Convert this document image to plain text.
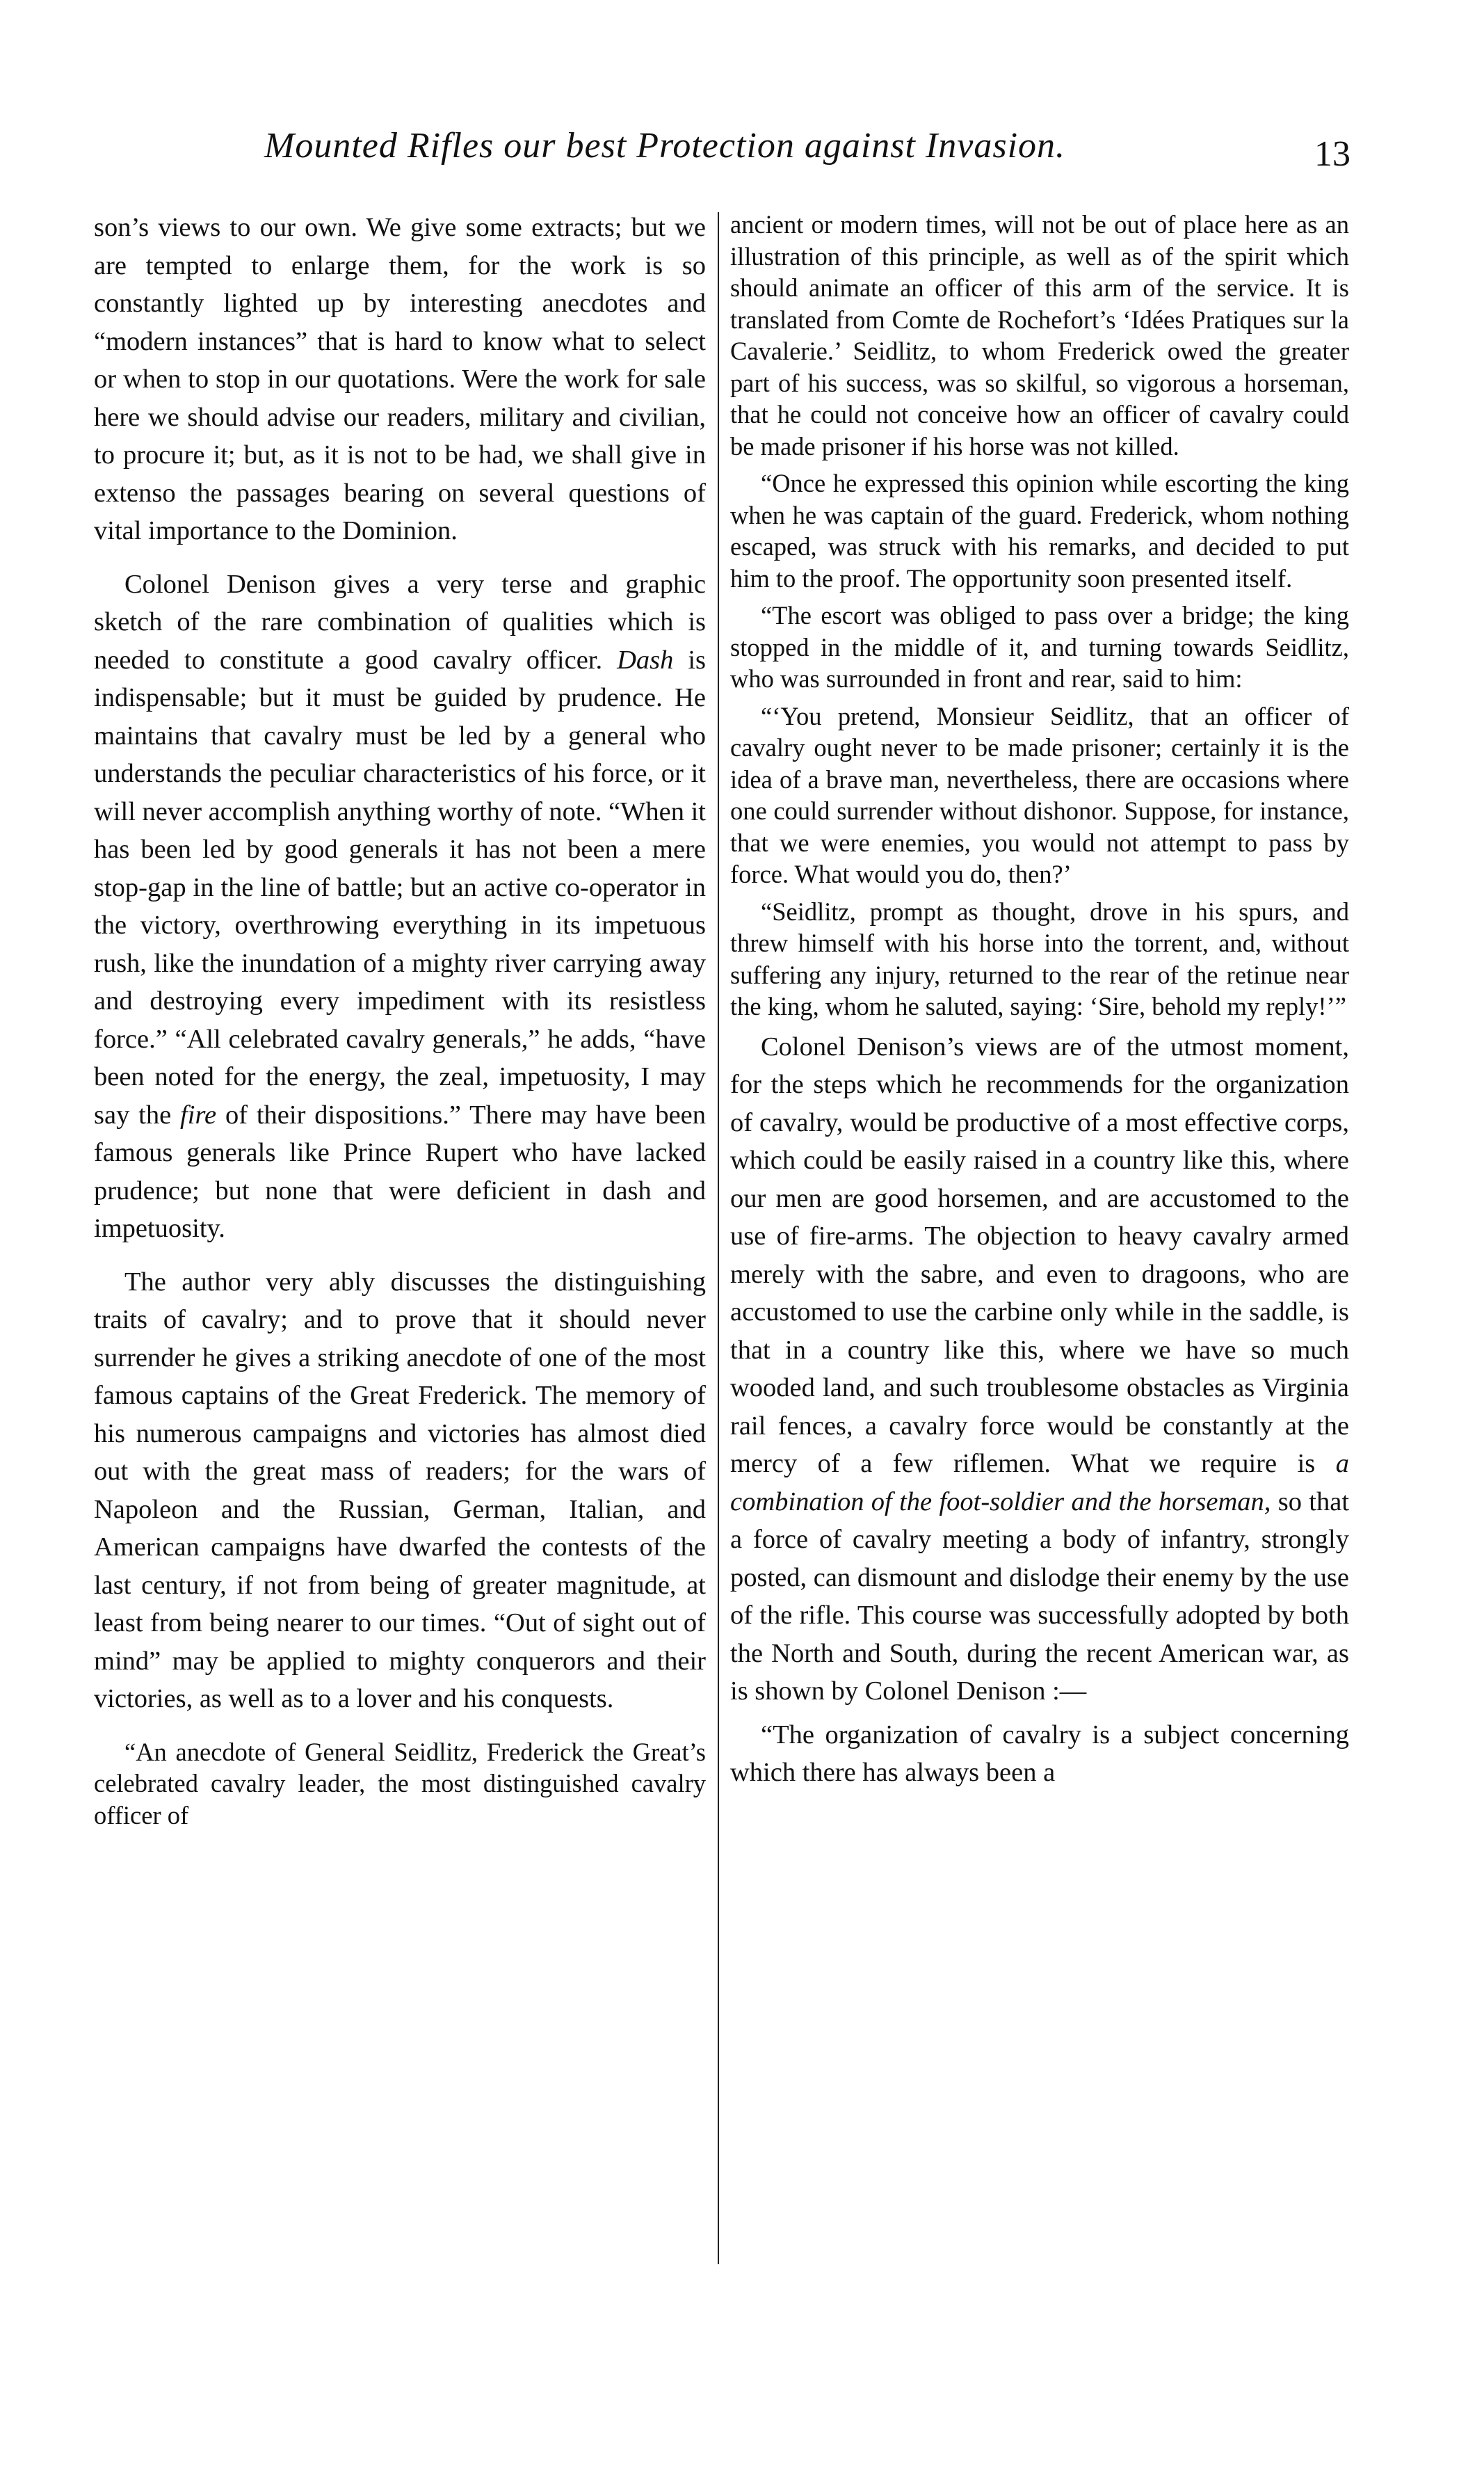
Mounted Rifles our best Protection against Invasion.	13

son’s views to our own. We give some extracts; but we are tempted to enlarge them, for the work is so constantly lighted up by interesting anecdotes and “modern instances” that is hard to know what to select or when to stop in our quotations. Were the work for sale here we should advise our readers, military and civilian, to procure it; but, as it is not to be had, we shall give in extenso the passages bearing on several questions of vital importance to the Dominion.

Colonel Denison gives a very terse and graphic sketch of the rare combination of qualities which is needed to constitute a good cavalry officer. Dash is indispensable; but it must be guided by prudence. He maintains that cavalry must be led by a general who understands the peculiar characteristics of his force, or it will never accomplish anything worthy of note. “When it has been led by good generals it has not been a mere stop-gap in the line of battle; but an active co-operator in the victory, overthrowing everything in its impetuous rush, like the inundation of a mighty river carrying away and destroying every impediment with its resistless force.” “All celebrated cavalry generals,” he adds, “have been noted for the energy, the zeal, impetuosity, I may say the fire of their dispositions.” There may have been famous generals like Prince Rupert who have lacked prudence; but none that were deficient in dash and impetuosity.

The author very ably discusses the distinguishing traits of cavalry; and to prove that it should never surrender he gives a striking anecdote of one of the most famous captains of the Great Frederick. The memory of his numerous campaigns and victories has almost died out with the great mass of readers; for the wars of Napoleon and the Russian, German, Italian, and American campaigns have dwarfed the contests of the last century, if not from being of greater magnitude, at least from being nearer to our times. “Out of sight out of mind” may be applied to mighty conquerors and their victories, as well as to a lover and his conquests.

“An anecdote of General Seidlitz, Frederick the Great’s celebrated cavalry leader, the most distinguished cavalry officer of

ancient or modern times, will not be out of place here as an illustration of this principle, as well as of the spirit which should animate an officer of this arm of the service. It is translated from Comte de Rochefort’s ‘Idées Pratiques sur la Cavalerie.’ Seidlitz, to whom Frederick owed the greater part of his success, was so skilful, so vigorous a horseman, that he could not conceive how an officer of cavalry could be made prisoner if his horse was not killed.

“Once he expressed this opinion while escorting the king when he was captain of the guard. Frederick, whom nothing escaped, was struck with his remarks, and decided to put him to the proof. The opportunity soon presented itself.

“The escort was obliged to pass over a bridge; the king stopped in the middle of it, and turning towards Seidlitz, who was surrounded in front and rear, said to him:

“‘You pretend, Monsieur Seidlitz, that an officer of cavalry ought never to be made prisoner; certainly it is the idea of a brave man, nevertheless, there are occasions where one could surrender without dishonor. Suppose, for instance, that we were enemies, you would not attempt to pass by force. What would you do, then?’

“Seidlitz, prompt as thought, drove in his spurs, and threw himself with his horse into the torrent, and, without suffering any injury, returned to the rear of the retinue near the king, whom he saluted, saying: ‘Sire, behold my reply!’”

Colonel Denison’s views are of the utmost moment, for the steps which he recommends for the organization of cavalry, would be productive of a most effective corps, which could be easily raised in a country like this, where our men are good horsemen, and are accustomed to the use of fire-arms. The objection to heavy cavalry armed merely with the sabre, and even to dragoons, who are accustomed to use the carbine only while in the saddle, is that in a country like this, where we have so much wooded land, and such troublesome obstacles as Virginia rail fences, a cavalry force would be constantly at the mercy of a few riflemen. What we require is a combination of the foot-soldier and the horseman, so that a force of cavalry meeting a body of infantry, strongly posted, can dismount and dislodge their enemy by the use of the rifle. This course was successfully adopted by both the North and South, during the recent American war, as is shown by Colonel Denison :—

“The organization of cavalry is a subject concerning which there has always been a
